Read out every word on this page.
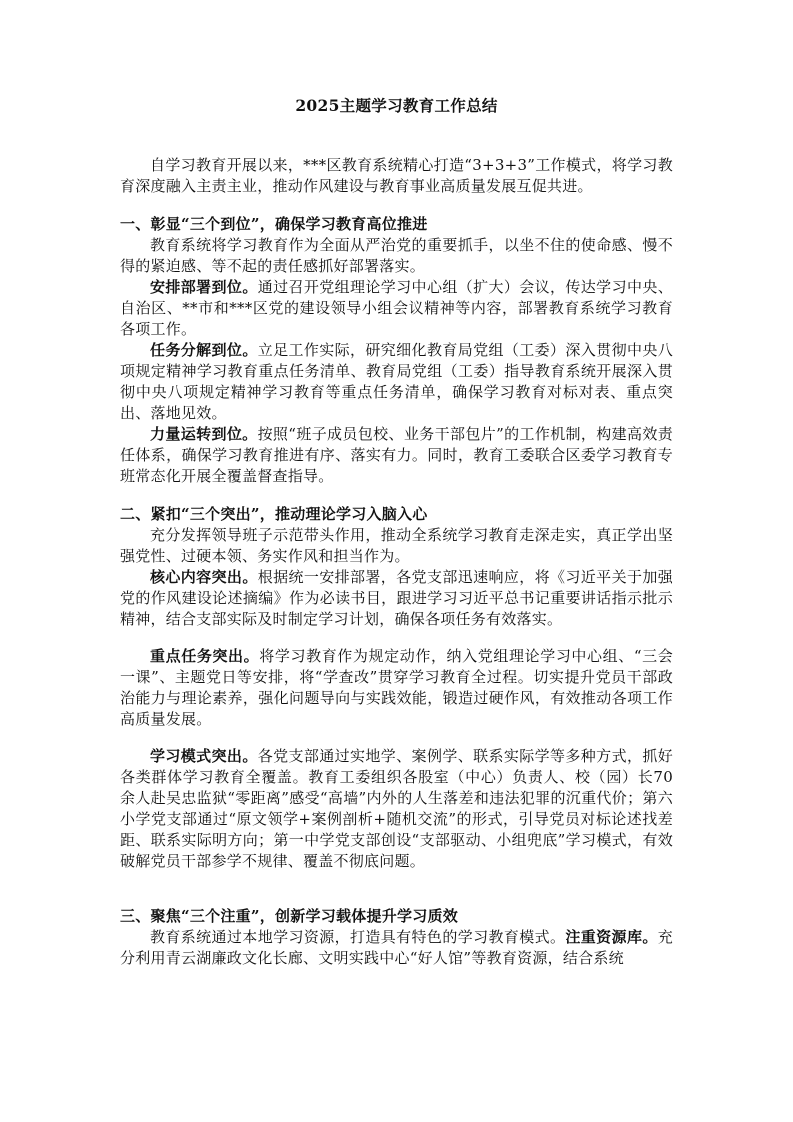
2025主题学习教育工作总结

自学习教育开展以来，***区教育系统精心打造“3+3+3”工作模式，将学习教育深度融入主责主业，推动作风建设与教育事业高质量发展互促共进。

一、彰显“三个到位”，确保学习教育高位推进

教育系统将学习教育作为全面从严治党的重要抓手，以坐不住的使命感、慢不得的紧迫感、等不起的责任感抓好部署落实。

安排部署到位。通过召开党组理论学习中心组（扩大）会议，传达学习中央、自治区、**市和***区党的建设领导小组会议精神等内容，部署教育系统学习教育各项工作。

任务分解到位。立足工作实际，研究细化教育局党组（工委）深入贯彻中央八项规定精神学习教育重点任务清单、教育局党组（工委）指导教育系统开展深入贯彻中央八项规定精神学习教育等重点任务清单，确保学习教育对标对表、重点突出、落地见效。

力量运转到位。按照“班子成员包校、业务干部包片”的工作机制，构建高效责任体系，确保学习教育推进有序、落实有力。同时，教育工委联合区委学习教育专班常态化开展全覆盖督查指导。

二、紧扣“三个突出”，推动理论学习入脑入心

充分发挥领导班子示范带头作用，推动全系统学习教育走深走实，真正学出坚强党性、过硬本领、务实作风和担当作为。

核心内容突出。根据统一安排部署，各党支部迅速响应，将《习近平关于加强党的作风建设论述摘编》作为必读书目，跟进学习习近平总书记重要讲话指示批示精神，结合支部实际及时制定学习计划，确保各项任务有效落实。

重点任务突出。将学习教育作为规定动作，纳入党组理论学习中心组、“三会一课”、主题党日等安排，将“学查改”贯穿学习教育全过程。切实提升党员干部政治能力与理论素养，强化问题导向与实践效能，锻造过硬作风，有效推动各项工作高质量发展。

学习模式突出。各党支部通过实地学、案例学、联系实际学等多种方式，抓好各类群体学习教育全覆盖。教育工委组织各股室（中心）负责人、校（园）长70余人赴吴忠监狱“零距离”感受“高墙”内外的人生落差和违法犯罪的沉重代价；第六小学党支部通过“原文领学+案例剖析+随机交流”的形式，引导党员对标论述找差距、联系实际明方向；第一中学党支部创设“支部驱动、小组兜底”学习模式，有效破解党员干部参学不规律、覆盖不彻底问题。

三、聚焦“三个注重”，创新学习载体提升学习质效

教育系统通过本地学习资源，打造具有特色的学习教育模式。注重资源库。充分利用青云湖廉政文化长廊、文明实践中心“好人馆”等教育资源，结合系统
